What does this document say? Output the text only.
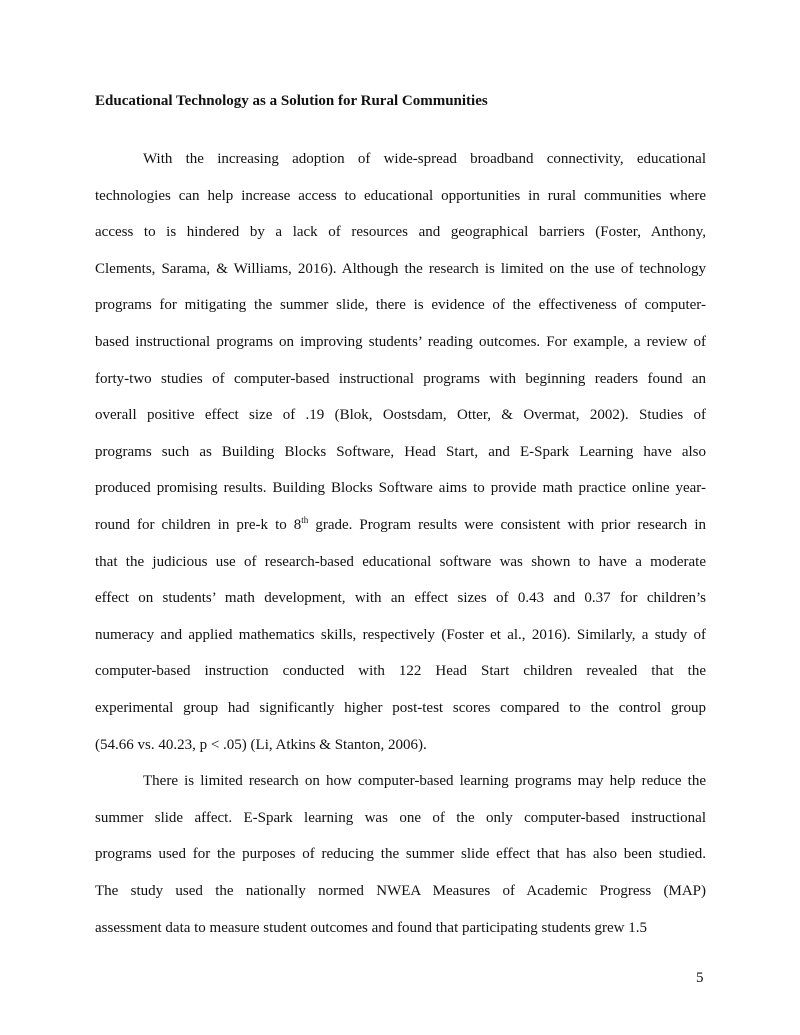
Educational Technology as a Solution for Rural Communities
With the increasing adoption of wide-spread broadband connectivity, educational
technologies can help increase access to educational opportunities in rural communities where
access to is hindered by a lack of resources and geographical barriers (Foster, Anthony,
Clements, Sarama, & Williams, 2016). Although the research is limited on the use of technology
programs for mitigating the summer slide, there is evidence of the effectiveness of computer-
based instructional programs on improving students’ reading outcomes. For example, a review of
forty-two studies of computer-based instructional programs with beginning readers found an
overall positive effect size of .19 (Blok, Oostsdam, Otter, & Overmat, 2002). Studies of
programs such as Building Blocks Software, Head Start, and E-Spark Learning have also
produced promising results. Building Blocks Software aims to provide math practice online year-
round for children in pre-k to 8th grade. Program results were consistent with prior research in
that the judicious use of research-based educational software was shown to have a moderate
effect on students’ math development, with an effect sizes of 0.43 and 0.37 for children’s
numeracy and applied mathematics skills, respectively (Foster et al., 2016). Similarly, a study of
computer-based instruction conducted with 122 Head Start children revealed that the
experimental group had significantly higher post-test scores compared to the control group
(54.66 vs. 40.23, p < .05) (Li, Atkins & Stanton, 2006).
There is limited research on how computer-based learning programs may help reduce the
summer slide affect. E-Spark learning was one of the only computer-based instructional
programs used for the purposes of reducing the summer slide effect that has also been studied.
The study used the nationally normed NWEA Measures of Academic Progress (MAP)
assessment data to measure student outcomes and found that participating students grew 1.5
5
